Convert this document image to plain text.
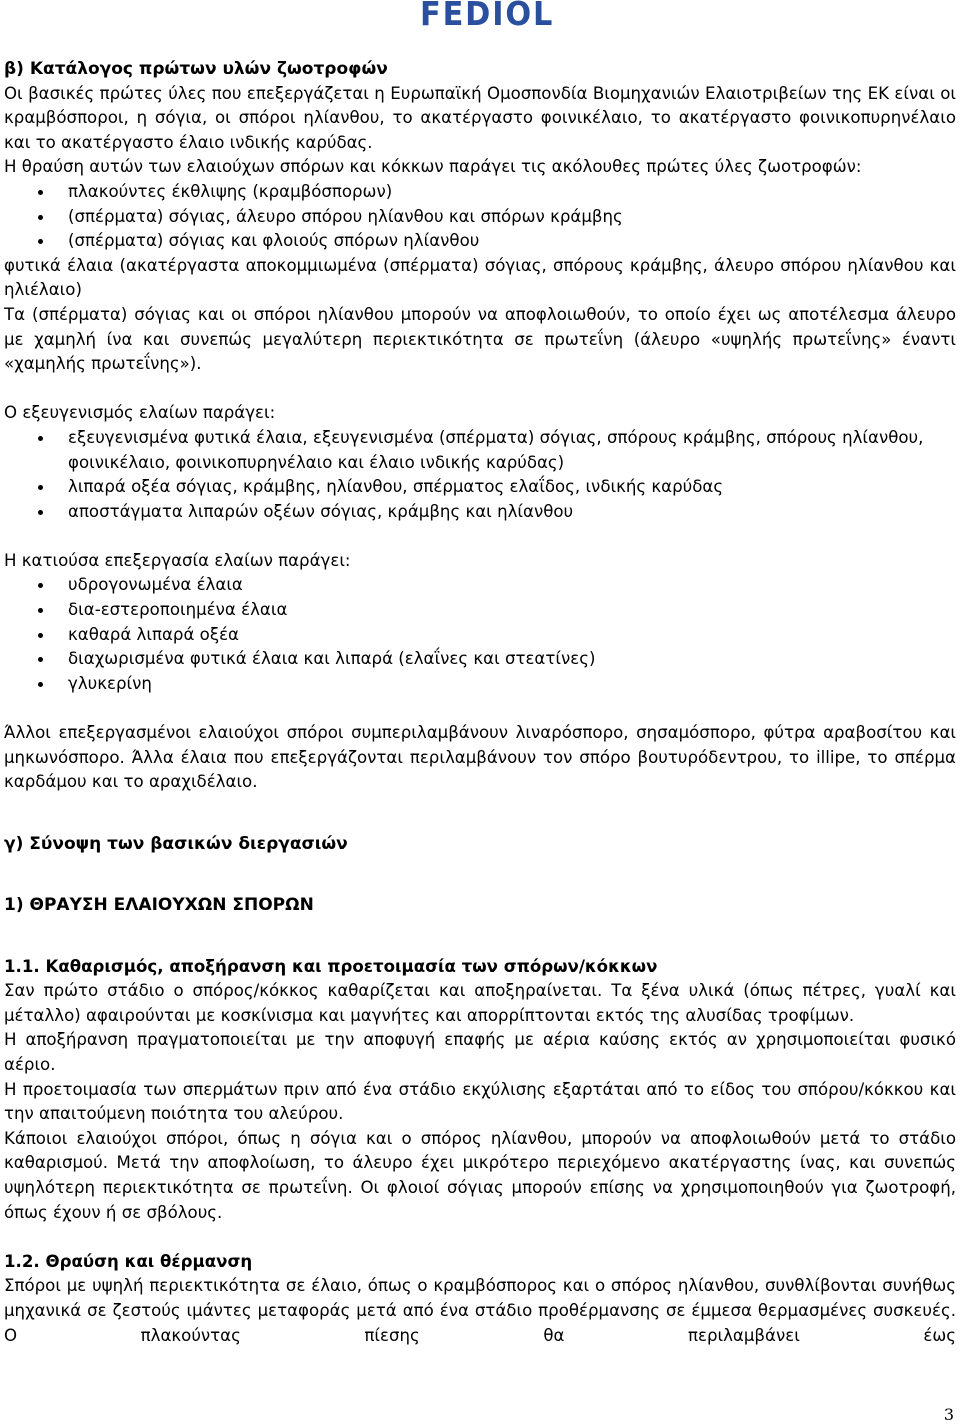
FEDIOL

β) Κατάλογος πρώτων υλών ζωοτροφών

Οι βασικές πρώτες ύλες που επεξεργάζεται η Ευρωπαϊκή Ομοσπονδία Βιομηχανιών Ελαιοτριβείων της ΕΚ είναι οι κραμβόσποροι, η σόγια, οι σπόροι ηλίανθου, το ακατέργαστο φοινικέλαιο, το ακατέργαστο φοινικοπυρηνέλαιο και το ακατέργαστο έλαιο ινδικής καρύδας.

Η θραύση αυτών των ελαιούχων σπόρων και κόκκων παράγει τις ακόλουθες πρώτες ύλες ζωοτροφών:

πλακούντες έκθλιψης (κραμβόσπορων)
(σπέρματα) σόγιας, άλευρο σπόρου ηλίανθου και σπόρων κράμβης
(σπέρματα) σόγιας και φλοιούς σπόρων ηλίανθου

φυτικά έλαια (ακατέργαστα αποκομμιωμένα (σπέρματα) σόγιας, σπόρους κράμβης, άλευρο σπόρου ηλίανθου και ηλιέλαιο)

Τα (σπέρματα) σόγιας και οι σπόροι ηλίανθου μπορούν να αποφλοιωθούν, το οποίο έχει ως αποτέλεσμα άλευρο με χαμηλή ίνα και συνεπώς μεγαλύτερη περιεκτικότητα σε πρωτεΐνη (άλευρο «υψηλής πρωτεΐνης» έναντι «χαμηλής πρωτεΐνης»).

Ο εξευγενισμός ελαίων παράγει:

εξευγενισμένα φυτικά έλαια, εξευγενισμένα (σπέρματα) σόγιας, σπόρους κράμβης, σπόρους ηλίανθου, φοινικέλαιο, φοινικοπυρηνέλαιο και έλαιο ινδικής καρύδας)
λιπαρά οξέα σόγιας, κράμβης, ηλίανθου, σπέρματος ελαΐδος, ινδικής καρύδας
αποστάγματα λιπαρών οξέων σόγιας, κράμβης και ηλίανθου

Η κατιούσα επεξεργασία ελαίων παράγει:

υδρογονωμένα έλαια
δια-εστεροποιημένα έλαια
καθαρά λιπαρά οξέα
διαχωρισμένα φυτικά έλαια και λιπαρά (ελαΐνες και στεατίνες)
γλυκερίνη

Άλλοι επεξεργασμένοι ελαιούχοι σπόροι συμπεριλαμβάνουν λιναρόσπορο, σησαμόσπορο, φύτρα αραβοσίτου και μηκωνόσπορο. Άλλα έλαια που επεξεργάζονται περιλαμβάνουν τον σπόρο βουτυρόδεντρου, το illipe, το σπέρμα καρδάμου και το αραχιδέλαιο.

γ) Σύνοψη των βασικών διεργασιών

1) ΘΡΑΥΣΗ ΕΛΑΙΟΥΧΩΝ ΣΠΟΡΩΝ

1.1. Καθαρισμός, αποξήρανση και προετοιμασία των σπόρων/κόκκων

Σαν πρώτο στάδιο ο σπόρος/κόκκος καθαρίζεται και αποξηραίνεται. Τα ξένα υλικά (όπως πέτρες, γυαλί και μέταλλο) αφαιρούνται με κοσκίνισμα και μαγνήτες και απορρίπτονται εκτός της αλυσίδας τροφίμων.

Η αποξήρανση πραγματοποιείται με την αποφυγή επαφής με αέρια καύσης εκτός αν χρησιμοποιείται φυσικό αέριο.

Η προετοιμασία των σπερμάτων πριν από ένα στάδιο εκχύλισης εξαρτάται από το είδος του σπόρου/κόκκου και την απαιτούμενη ποιότητα του αλεύρου.

Κάποιοι ελαιούχοι σπόροι, όπως η σόγια και ο σπόρος ηλίανθου, μπορούν να αποφλοιωθούν μετά το στάδιο καθαρισμού. Μετά την αποφλοίωση, το άλευρο έχει μικρότερο περιεχόμενο ακατέργαστης ίνας, και συνεπώς υψηλότερη περιεκτικότητα σε πρωτεΐνη. Οι φλοιοί σόγιας μπορούν επίσης να χρησιμοποιηθούν για ζωοτροφή, όπως έχουν ή σε σβόλους.

1.2. Θραύση και θέρμανση

Σπόροι με υψηλή περιεκτικότητα σε έλαιο, όπως ο κραμβόσπορος και ο σπόρος ηλίανθου, συνθλίβονται συνήθως μηχανικά σε ζεστούς ιμάντες μεταφοράς μετά από ένα στάδιο προθέρμανσης σε έμμεσα θερμασμένες συσκευές. Ο πλακούντας πίεσης θα περιλαμβάνει έως

3
